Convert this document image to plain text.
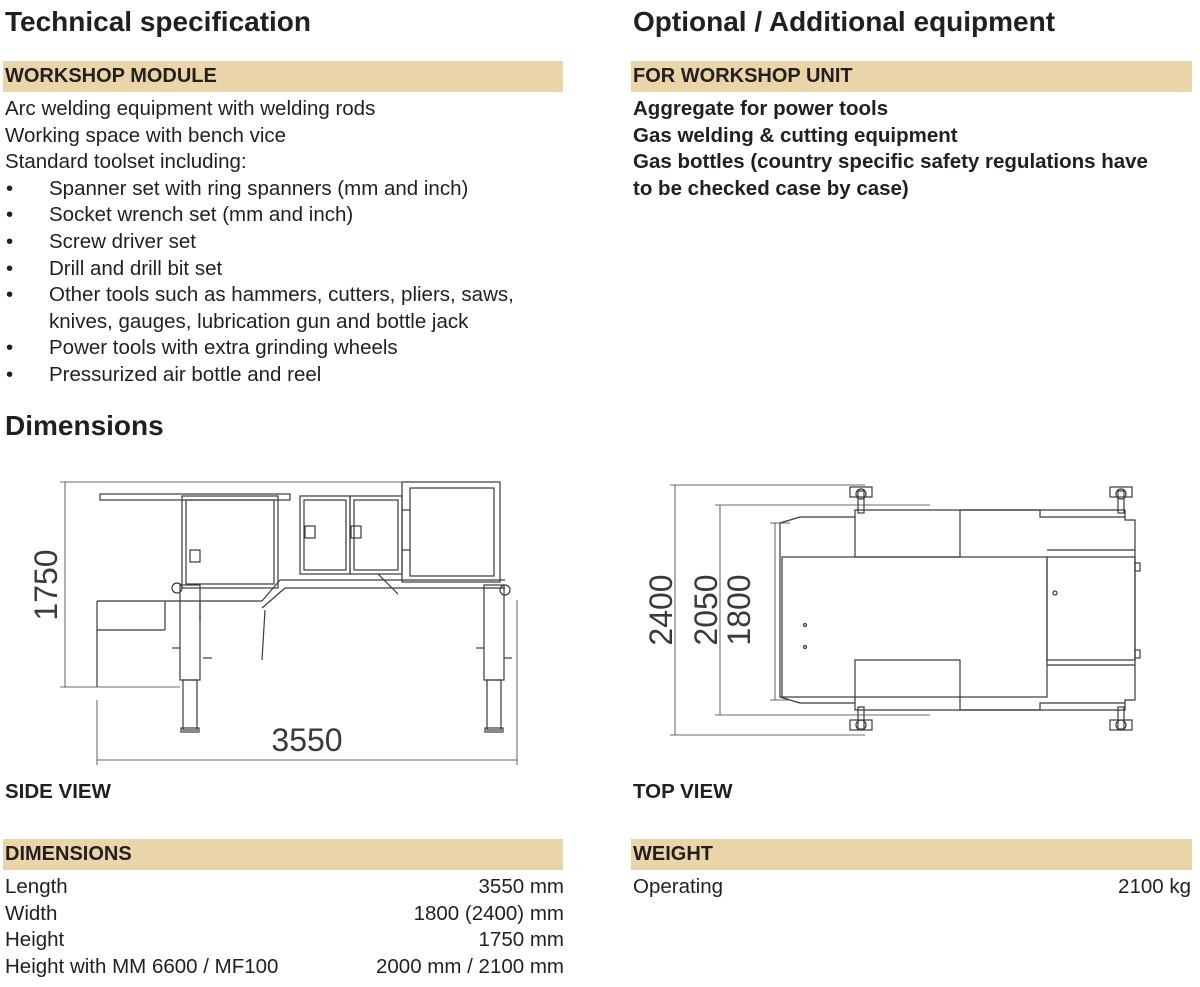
Technical specification
WORKSHOP MODULE
Arc welding equipment with welding rods
Working space with bench vice
Standard toolset including:
• Spanner set with ring spanners (mm and inch)
• Socket wrench set (mm and inch)
• Screw driver set
• Drill and drill bit set
• Other tools such as hammers, cutters, pliers, saws,
knives, gauges, lubrication gun and bottle jack
• Power tools with extra grinding wheels
• Pressurized air bottle and reel
Optional / Additional equipment
FOR WORKSHOP UNIT
Aggregate for power tools
Gas welding & cutting equipment
Gas bottles (country specific safety regulations have
to be checked case by case)
Dimensions
1750
3550
2400 2050
1800
SIDE VIEW	TOP VIEW
DIMENSIONS
Length	3550 mm
Width	1800 (2400) mm
Height	1750 mm
Height with MM 6600 / MF100	2000 mm / 2100 mm
WEIGHT
Operating	2100 kg
